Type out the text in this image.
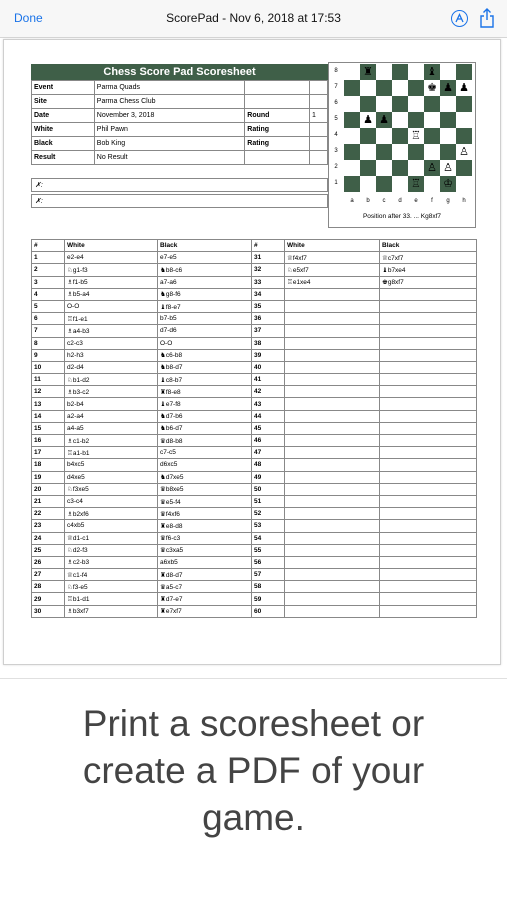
Done	ScorePad - Nov 6, 2018 at 17:53
Chess Score Pad Scoresheet
Event	Parma Quads		
Site	Parma Chess Club		
Date	November 3, 2018	Round	1
White	Phil Pawn	Rating	
Black	Bob King	Rating	
Result	No Result		
✗:
✗:
♜	♝
♚ ♟ ♟
♟ ♟
♖
♙
♙ ♙
♖ ♔
8
7
6
5
4
3
2
1
a	b	c	d	e	f	g	h
Position after 33. ... Kg8xf7
#	White	Black	#	White	Black
1	e2-e4	e7-e5	31	♕f4xf7	♕c7xf7
2	♘g1-f3	♞b8-c6	32	♘e5xf7	♝b7xe4
3	♗f1-b5	a7-a6	33	♖e1xe4	♚g8xf7
4	♗b5-a4	♞g8-f6	34		
5	O-O	♝f8-e7	35		
6	♖f1-e1	b7-b5	36		
7	♗a4-b3	d7-d6	37		
8	c2-c3	O-O	38		
9	h2-h3	♞c6-b8	39		
10	d2-d4	♞b8-d7	40		
11	♘b1-d2	♝c8-b7	41		
12	♗b3-c2	♜f8-e8	42		
13	b2-b4	♝e7-f8	43		
14	a2-a4	♞d7-b6	44		
15	a4-a5	♞b6-d7	45		
16	♗c1-b2	♛d8-b8	46		
17	♖a1-b1	c7-c5	47		
18	b4xc5	d6xc5	48		
19	d4xe5	♞d7xe5	49		
20	♘f3xe5	♛b8xe5	50		
21	c3-c4	♛e5-f4	51		
22	♗b2xf6	♛f4xf6	52		
23	c4xb5	♜e8-d8	53		
24	♕d1-c1	♛f6-c3	54		
25	♘d2-f3	♛c3xa5	55		
26	♗c2-b3	a6xb5	56		
27	♕c1-f4	♜d8-d7	57		
28	♘f3-e5	♛a5-c7	58		
29	♖b1-d1	♜d7-e7	59		
30	♗b3xf7	♜e7xf7	60		
Print a scoresheet or
create a PDF of your
game.
